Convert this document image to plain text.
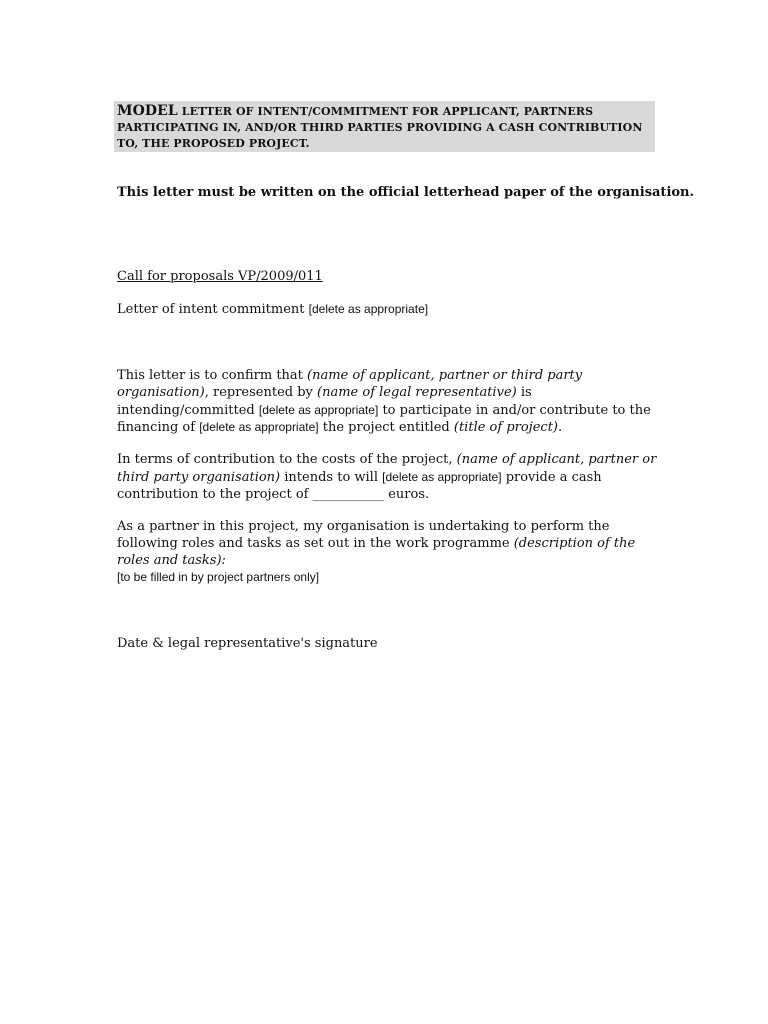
MODEL LETTER OF INTENT/COMMITMENT FOR APPLICANT, PARTNERS PARTICIPATING IN, AND/OR THIRD PARTIES PROVIDING A CASH CONTRIBUTION TO, THE PROPOSED PROJECT.
This letter must be written on the official letterhead paper of the organisation.
Call for proposals VP/2009/011
Letter of intent commitment [delete as appropriate]
This letter is to confirm that (name of applicant, partner or third party organisation), represented by (name of legal representative) is intending/committed [delete as appropriate] to participate in and/or contribute to the financing of [delete as appropriate] the project entitled (title of project).
In terms of contribution to the costs of the project, (name of applicant, partner or third party organisation) intends to will [delete as appropriate] provide a cash contribution to the project of ___________ euros.
As a partner in this project, my organisation is undertaking to perform the following roles and tasks as set out in the work programme (description of the roles and tasks):
[to be filled in by project partners only]
Date & legal representative's signature
